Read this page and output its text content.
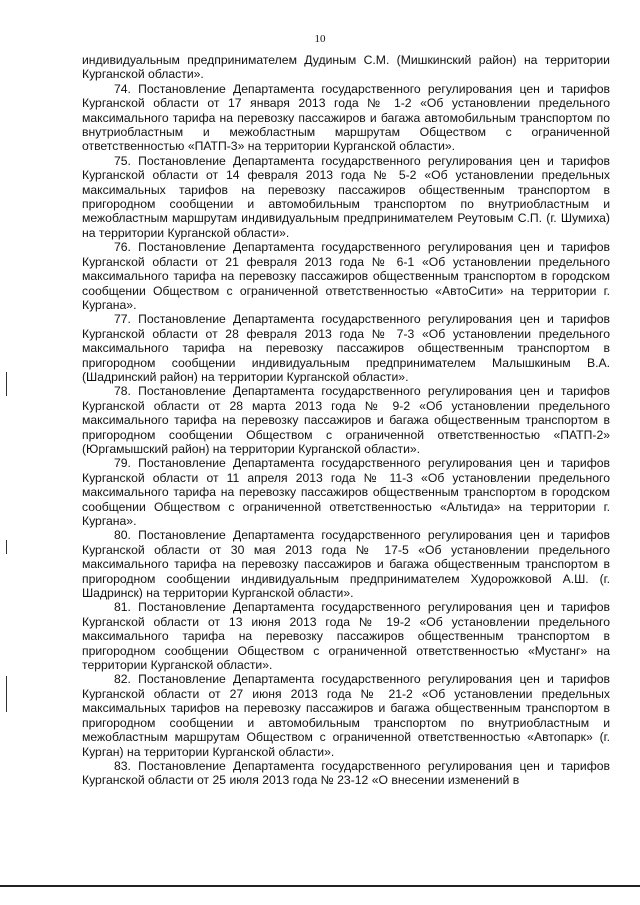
10

индивидуальным предпринимателем Дудиным С.М. (Мишкинский район) на территории Курганской области».

74. Постановление Департамента государственного регулирования цен и тарифов Курганской области от 17 января 2013 года № 1-2 «Об установлении предельного максимального тарифа на перевозку пассажиров и багажа автомобильным транспортом по внутриобластным и межобластным маршрутам Обществом с ограниченной ответственностью «ПАТП-3» на территории Курганской области».

75. Постановление Департамента государственного регулирования цен и тарифов Курганской области от 14 февраля 2013 года № 5-2 «Об установлении предельных максимальных тарифов на перевозку пассажиров общественным транспортом в пригородном сообщении и автомобильным транспортом по внутриобластным и межобластным маршрутам индивидуальным предпринимателем Реутовым С.П. (г. Шумиха) на территории Курганской области».

76. Постановление Департамента государственного регулирования цен и тарифов Курганской области от 21 февраля 2013 года № 6-1 «Об установлении предельного максимального тарифа на перевозку пассажиров общественным транспортом в городском сообщении Обществом с ограниченной ответственностью «АвтоСити» на территории г. Кургана».

77. Постановление Департамента государственного регулирования цен и тарифов Курганской области от 28 февраля 2013 года № 7-3 «Об установлении предельного максимального тарифа на перевозку пассажиров общественным транспортом в пригородном сообщении индивидуальным предпринимателем Малышкиным В.А. (Шадринский район) на территории Курганской области».

78. Постановление Департамента государственного регулирования цен и тарифов Курганской области от 28 марта 2013 года № 9-2 «Об установлении предельного максимального тарифа на перевозку пассажиров и багажа общественным транспортом в пригородном сообщении Обществом с ограниченной ответственностью «ПАТП-2» (Юргамышский район) на территории Курганской области».

79. Постановление Департамента государственного регулирования цен и тарифов Курганской области от 11 апреля 2013 года № 11-3 «Об установлении предельного максимального тарифа на перевозку пассажиров общественным транспортом в городском сообщении Обществом с ограниченной ответственностью «Альтида» на территории г. Кургана».

80. Постановление Департамента государственного регулирования цен и тарифов Курганской области от 30 мая 2013 года № 17-5 «Об установлении предельного максимального тарифа на перевозку пассажиров и багажа общественным транспортом в пригородном сообщении индивидуальным предпринимателем Худорожковой А.Ш. (г. Шадринск) на территории Курганской области».

81. Постановление Департамента государственного регулирования цен и тарифов Курганской области от 13 июня 2013 года № 19-2 «Об установлении предельного максимального тарифа на перевозку пассажиров общественным транспортом в пригородном сообщении Обществом с ограниченной ответственностью «Мустанг» на территории Курганской области».

82. Постановление Департамента государственного регулирования цен и тарифов Курганской области от 27 июня 2013 года № 21-2 «Об установлении предельных максимальных тарифов на перевозку пассажиров и багажа общественным транспортом в пригородном сообщении и автомобильным транспортом по внутриобластным и межобластным маршрутам Обществом с ограниченной ответственностью «Автопарк» (г. Курган) на территории Курганской области».

83. Постановление Департамента государственного регулирования цен и тарифов Курганской области от 25 июля 2013 года № 23-12 «О внесении изменений в
